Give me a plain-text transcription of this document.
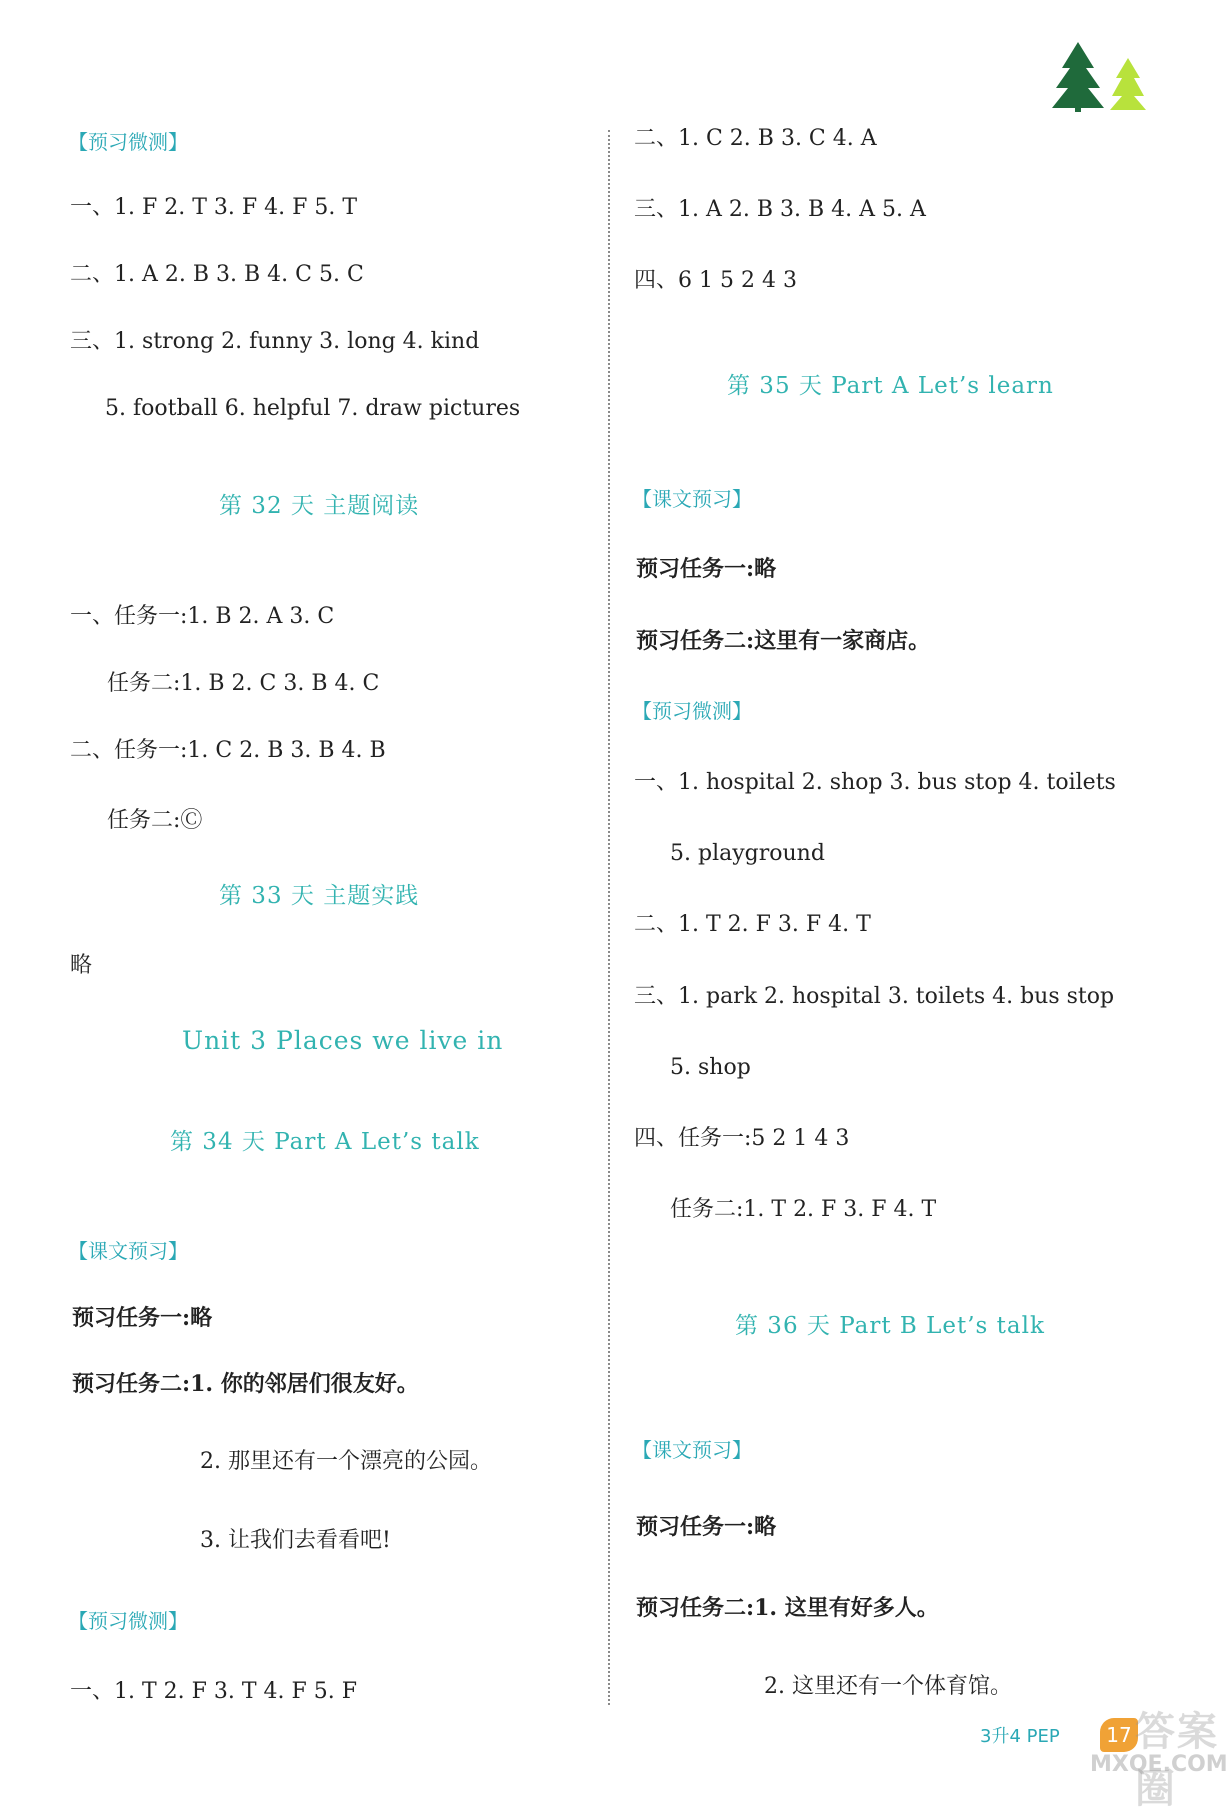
【预习微测】
一、1. F 2. T 3. F 4. F 5. T
二、1. A 2. B 3. B 4. C 5. C
三、1. strong 2. funny 3. long 4. kind
5. football 6. helpful 7. draw pictures
第 32 天 主题阅读
一、任务一:1. B 2. A 3. C
任务二:1. B 2. C 3. B 4. C
二、任务一:1. C 2. B 3. B 4. B
任务二:Ⓒ
第 33 天 主题实践
略
Unit 3 Places we live in
第 34 天 Part A Let’s talk
【课文预习】
预习任务一:略
预习任务二:1. 你的邻居们很友好。
2. 那里还有一个漂亮的公园。
3. 让我们去看看吧!
【预习微测】
一、1. T 2. F 3. T 4. F 5. F
二、1. C 2. B 3. C 4. A
三、1. A 2. B 3. B 4. A 5. A
四、6 1 5 2 4 3
第 35 天 Part A Let’s learn
【课文预习】
预习任务一:略
预习任务二:这里有一家商店。
【预习微测】
一、1. hospital 2. shop 3. bus stop 4. toilets
5. playground
二、1. T 2. F 3. F 4. T
三、1. park 2. hospital 3. toilets 4. bus stop
5. shop
四、任务一:5 2 1 4 3
任务二:1. T 2. F 3. F 4. T
第 36 天 Part B Let’s talk
【课文预习】
预习任务一:略
预习任务二:1. 这里有好多人。
2. 这里还有一个体育馆。
3升4 PEP	17 答案圈
MXQE.COM
